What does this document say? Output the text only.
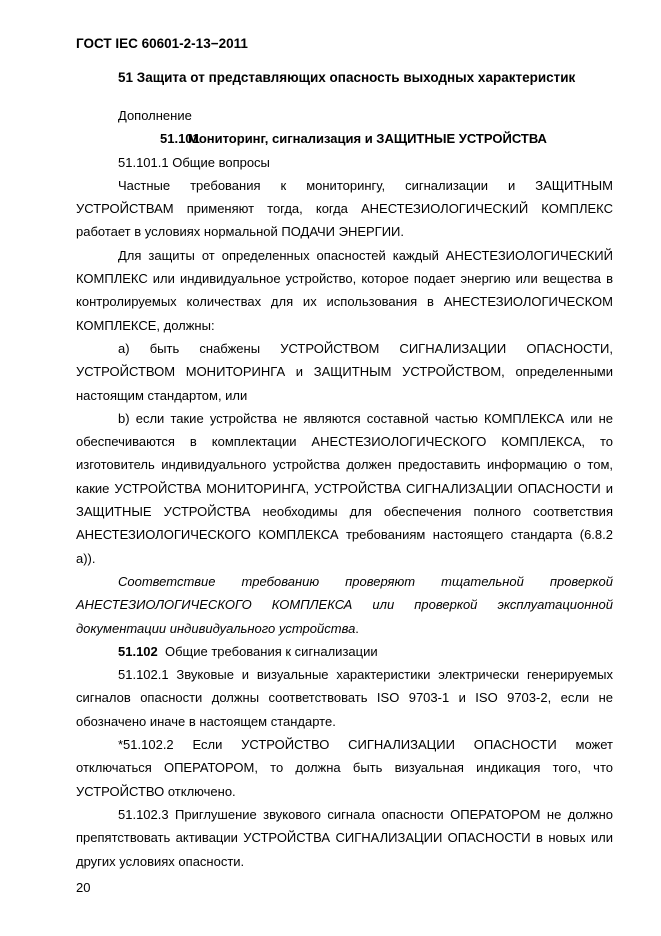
ГОСТ IEC 60601-2-13−2011
51 Защита от представляющих опасность выходных характеристик

Дополнение

51.101Мониторинг, сигнализация и ЗАЩИТНЫЕ УСТРОЙСТВА

51.101.1 Общие вопросы

Частные требования к мониторингу, сигнализации и ЗАЩИТНЫМ УСТРОЙСТВАМ применяют тогда, когда АНЕСТЕЗИОЛОГИЧЕСКИЙ КОМПЛЕКС работает в условиях нормальной ПОДАЧИ ЭНЕРГИИ.

Для защиты от определенных опасностей каждый АНЕСТЕЗИОЛОГИЧЕСКИЙ КОМПЛЕКС или индивидуальное устройство, которое подает энергию или вещества в контролируемых количествах для их использования в АНЕСТЕЗИОЛОГИЧЕСКОМ КОМПЛЕКСЕ, должны:

a) быть снабжены УСТРОЙСТВОМ СИГНАЛИЗАЦИИ ОПАСНОСТИ, УСТРОЙСТВОМ МОНИТОРИНГА и ЗАЩИТНЫМ УСТРОЙСТВОМ, определенными настоящим стандартом, или

b) если такие устройства не являются составной частью КОМПЛЕКСА или не обеспечиваются в комплектации АНЕСТЕЗИОЛОГИЧЕСКОГО КОМПЛЕКСА, то изготовитель индивидуального устройства должен предоставить информацию о том, какие УСТРОЙСТВА МОНИТОРИНГА, УСТРОЙСТВА СИГНАЛИЗАЦИИ ОПАСНОСТИ и ЗАЩИТНЫЕ УСТРОЙСТВА необходимы для обеспечения полного соответствия АНЕСТЕЗИОЛОГИЧЕСКОГО КОМПЛЕКСА требованиям настоящего стандарта (6.8.2 a)).

Соответствие требованию проверяют тщательной проверкой АНЕСТЕЗИОЛОГИЧЕСКОГО КОМПЛЕКСА или проверкой эксплуатационной документации индивидуального устройства.

51.102 Общие требования к сигнализации

51.102.1 Звуковые и визуальные характеристики электрически генерируемых сигналов опасности должны соответствовать ISO 9703-1 и ISO 9703-2, если не обозначено иначе в настоящем стандарте.

*51.102.2 Если УСТРОЙСТВО СИГНАЛИЗАЦИИ ОПАСНОСТИ может отключаться ОПЕРАТОРОМ, то должна быть визуальная индикация того, что УСТРОЙСТВО отключено.

51.102.3 Приглушение звукового сигнала опасности ОПЕРАТОРОМ не должно препятствовать активации УСТРОЙСТВА СИГНАЛИЗАЦИИ ОПАСНОСТИ в новых или других условиях опасности.

20
